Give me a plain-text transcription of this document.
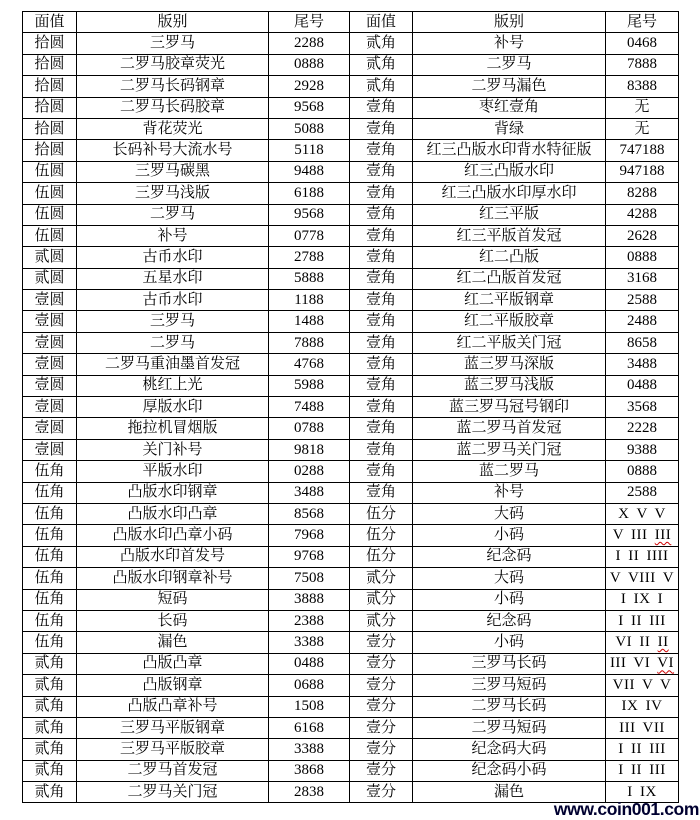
面值	版别	尾号	面值	版别	尾号
拾圆	三罗马	2288	贰角	补号	0468
拾圆	二罗马胶章荧光	0888	贰角	二罗马	7888
拾圆	二罗马长码钢章	2928	贰角	二罗马漏色	8388
拾圆	二罗马长码胶章	9568	壹角	枣红壹角	无
拾圆	背花荧光	5088	壹角	背绿	无
拾圆	长码补号大流水号	5118	壹角	红三凸版水印背水特征版	747188
伍圆	三罗马碳黑	9488	壹角	红三凸版水印	947188
伍圆	三罗马浅版	6188	壹角	红三凸版水印厚水印	8288
伍圆	二罗马	9568	壹角	红三平版	4288
伍圆	补号	0778	壹角	红三平版首发冠	2628
贰圆	古币水印	2788	壹角	红二凸版	0888
贰圆	五星水印	5888	壹角	红二凸版首发冠	3168
壹圆	古币水印	1188	壹角	红二平版钢章	2588
壹圆	三罗马	1488	壹角	红二平版胶章	2488
壹圆	二罗马	7888	壹角	红二平版关门冠	8658
壹圆	二罗马重油墨首发冠	4768	壹角	蓝三罗马深版	3488
壹圆	桃红上光	5988	壹角	蓝三罗马浅版	0488
壹圆	厚版水印	7488	壹角	蓝三罗马冠号钢印	3568
壹圆	拖拉机冒烟版	0788	壹角	蓝二罗马首发冠	2228
壹圆	关门补号	9818	壹角	蓝二罗马关门冠	9388
伍角	平版水印	0288	壹角	蓝二罗马	0888
伍角	凸版水印钢章	3488	壹角	补号	2588
伍角	凸版水印凸章	8568	伍分	大码	X V V
伍角	凸版水印凸章小码	7968	伍分	小码	V III III
伍角	凸版水印首发号	9768	伍分	纪念码	I II IIII
伍角	凸版水印钢章补号	7508	贰分	大码	V VIII V
伍角	短码	3888	贰分	小码	I IX I
伍角	长码	2388	贰分	纪念码	I II III
伍角	漏色	3388	壹分	小码	VI II II
贰角	凸版凸章	0488	壹分	三罗马长码	III VI VI
贰角	凸版钢章	0688	壹分	三罗马短码	VII V V
贰角	凸版凸章补号	1508	壹分	二罗马长码	IX IV
贰角	三罗马平版钢章	6168	壹分	二罗马短码	III VII
贰角	三罗马平版胶章	3388	壹分	纪念码大码	I II III
贰角	二罗马首发冠	3868	壹分	纪念码小码	I II III
贰角	二罗马关门冠	2838	壹分	漏色	I IX
www.coin001.com
